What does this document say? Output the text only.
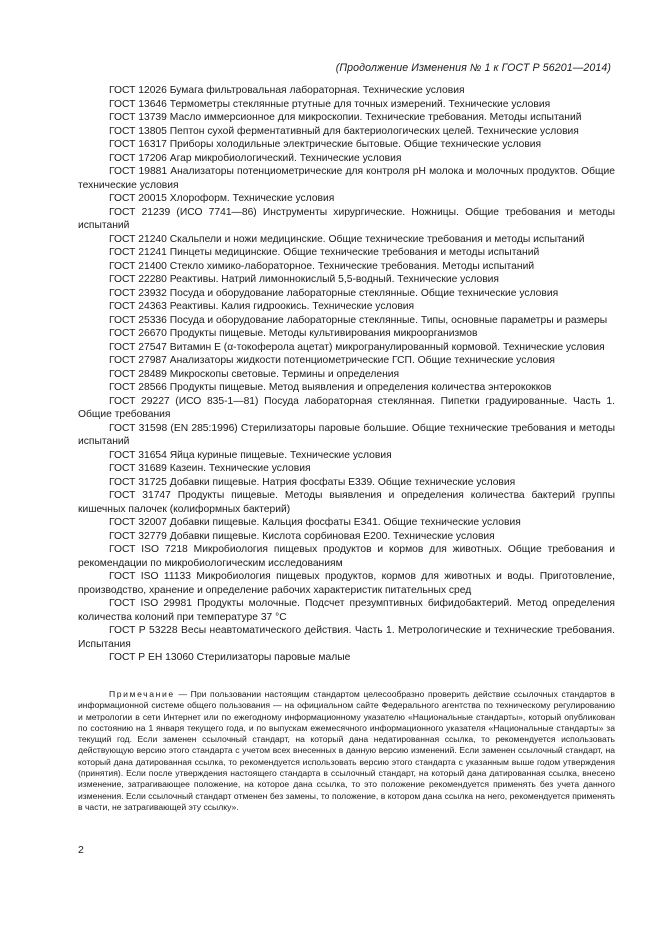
(Продолжение Изменения № 1 к ГОСТ Р 56201—2014)

ГОСТ 12026 Бумага фильтровальная лабораторная. Технические условия

ГОСТ 13646 Термометры стеклянные ртутные для точных измерений. Технические условия

ГОСТ 13739 Масло иммерсионное для микроскопии. Технические требования. Методы испытаний

ГОСТ 13805 Пептон сухой ферментативный для бактериологических целей. Технические условия

ГОСТ 16317 Приборы холодильные электрические бытовые. Общие технические условия

ГОСТ 17206 Агар микробиологический. Технические условия

ГОСТ 19881 Анализаторы потенциометрические для контроля pH молока и молочных продуктов. Общие технические условия

ГОСТ 20015 Хлороформ. Технические условия

ГОСТ 21239 (ИСО 7741—86) Инструменты хирургические. Ножницы. Общие требования и методы испытаний

ГОСТ 21240 Скальпели и ножи медицинские. Общие технические требования и методы испытаний

ГОСТ 21241 Пинцеты медицинские. Общие технические требования и методы испытаний

ГОСТ 21400 Стекло химико-лабораторное. Технические требования. Методы испытаний

ГОСТ 22280 Реактивы. Натрий лимоннокислый 5,5-водный. Технические условия

ГОСТ 23932 Посуда и оборудование лабораторные стеклянные. Общие технические условия

ГОСТ 24363 Реактивы. Калия гидроокись. Технические условия

ГОСТ 25336 Посуда и оборудование лабораторные стеклянные. Типы, основные параметры и размеры

ГОСТ 26670 Продукты пищевые. Методы культивирования микроорганизмов

ГОСТ 27547 Витамин Е (α-токоферола ацетат) микрогранулированный кормовой. Технические условия

ГОСТ 27987 Анализаторы жидкости потенциометрические ГСП. Общие технические условия

ГОСТ 28489 Микроскопы световые. Термины и определения

ГОСТ 28566 Продукты пищевые. Метод выявления и определения количества энтерококков

ГОСТ 29227 (ИСО 835-1—81) Посуда лабораторная стеклянная. Пипетки градуированные. Часть 1. Общие требования

ГОСТ 31598 (EN 285:1996) Стерилизаторы паровые большие. Общие технические требования и методы испытаний

ГОСТ 31654 Яйца куриные пищевые. Технические условия

ГОСТ 31689 Казеин. Технические условия

ГОСТ 31725 Добавки пищевые. Натрия фосфаты Е339. Общие технические условия

ГОСТ 31747 Продукты пищевые. Методы выявления и определения количества бактерий группы кишечных палочек (колиформных бактерий)

ГОСТ 32007 Добавки пищевые. Кальция фосфаты Е341. Общие технические условия

ГОСТ 32779 Добавки пищевые. Кислота сорбиновая Е200. Технические условия

ГОСТ ISO 7218 Микробиология пищевых продуктов и кормов для животных. Общие требования и рекомендации по микробиологическим исследованиям

ГОСТ ISO 11133 Микробиология пищевых продуктов, кормов для животных и воды. Приготовление, производство, хранение и определение рабочих характеристик питательных сред

ГОСТ ISO 29981 Продукты молочные. Подсчет презумптивных бифидобактерий. Метод определения количества колоний при температуре 37 °С

ГОСТ Р 53228 Весы неавтоматического действия. Часть 1. Метрологические и технические требования. Испытания

ГОСТ Р ЕН 13060 Стерилизаторы паровые малые

Примечание — При пользовании настоящим стандартом целесообразно проверить действие ссылочных стандартов в информационной системе общего пользования — на официальном сайте Федерального агентства по техническому регулированию и метрологии в сети Интернет или по ежегодному информационному указателю «Национальные стандарты», который опубликован по состоянию на 1 января текущего года, и по выпускам ежемесячного информационного указателя «Национальные стандарты» за текущий год. Если заменен ссылочный стандарт, на который дана недатированная ссылка, то рекомендуется использовать действующую версию этого стандарта с учетом всех внесенных в данную версию изменений. Если заменен ссылочный стандарт, на который дана датированная ссылка, то рекомендуется использовать версию этого стандарта с указанным выше годом утверждения (принятия). Если после утверждения настоящего стандарта в ссылочный стандарт, на который дана датированная ссылка, внесено изменение, затрагивающее положение, на которое дана ссылка, то это положение рекомендуется применять без учета данного изменения. Если ссылочный стандарт отменен без замены, то положение, в котором дана ссылка на него, рекомендуется применять в части, не затрагивающей эту ссылку».

2
